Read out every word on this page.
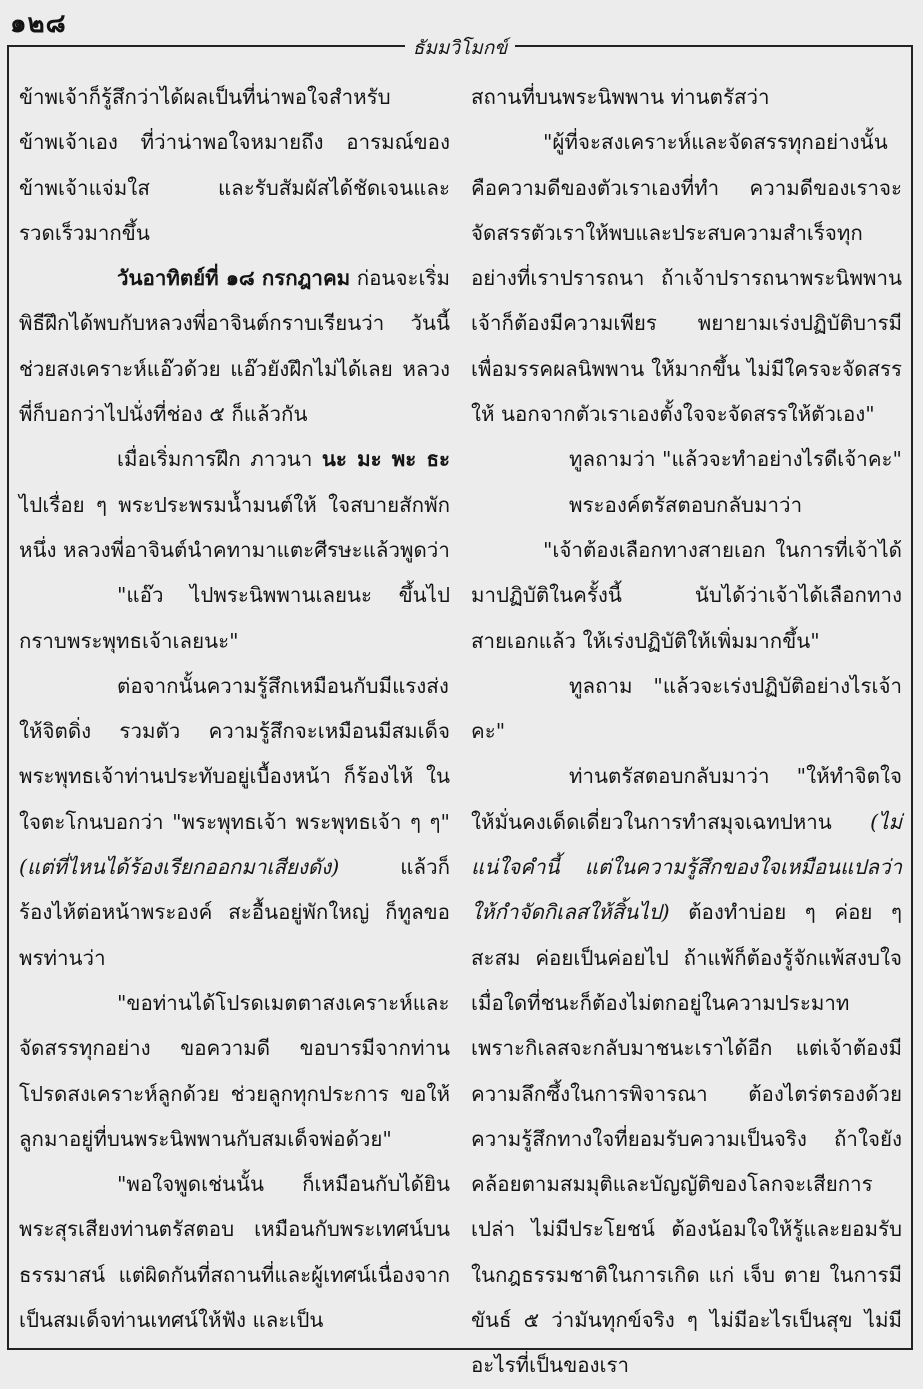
๑๒๘
ธัมมวิโมกข์

ข้าพเจ้าก็รู้สึกว่าได้ผลเป็นที่น่าพอใจสำหรับข้าพเจ้าเอง ที่ว่าน่าพอใจหมายถึง อารมณ์ของข้าพเจ้าแจ่มใส และรับสัมผัสได้ชัดเจนและรวดเร็วมากขึ้น

วันอาทิตย์ที่ ๑๘ กรกฎาคม ก่อนจะเริ่มพิธีฝึกได้พบกับหลวงพี่อาจินต์กราบเรียนว่า วันนี้ช่วยสงเคราะห์แอ๊วด้วย แอ๊วยังฝึกไม่ได้เลย หลวงพี่ก็บอกว่าไปนั่งที่ช่อง ๕ ก็แล้วกัน

เมื่อเริ่มการฝึก ภาวนา นะ มะ พะ ธะ ไปเรื่อย ๆ พระประพรมน้ำมนต์ให้ ใจสบายสักพักหนึ่ง หลวงพี่อาจินต์นำคทามาแตะศีรษะแล้วพูดว่า

"แอ๊ว ไปพระนิพพานเลยนะ ขึ้นไปกราบพระพุทธเจ้าเลยนะ"

ต่อจากนั้นความรู้สึกเหมือนกับมีแรงส่งให้จิตดิ่ง รวมตัว ความรู้สึกจะเหมือนมีสมเด็จพระพุทธเจ้าท่านประทับอยู่เบื้องหน้า ก็ร้องไห้ ในใจตะโกนบอกว่า "พระพุทธเจ้า พระพุทธเจ้า ๆ ๆ" (แต่ที่ไหนได้ร้องเรียกออกมาเสียงดัง) แล้วก็ร้องไห้ต่อหน้าพระองค์ สะอื้นอยู่พักใหญ่ ก็ทูลขอพรท่านว่า

"ขอท่านได้โปรดเมตตาสงเคราะห์และจัดสรรทุกอย่าง ขอความดี ขอบารมีจากท่านโปรดสงเคราะห์ลูกด้วย ช่วยลูกทุกประการ ขอให้ลูกมาอยู่ที่บนพระนิพพานกับสมเด็จพ่อด้วย"

"พอใจพูดเช่นนั้น ก็เหมือนกับได้ยินพระสุรเสียงท่านตรัสตอบ เหมือนกับพระเทศน์บนธรรมาสน์ แต่ผิดกันที่สถานที่และผู้เทศน์เนื่องจากเป็นสมเด็จท่านเทศน์ให้ฟัง และเป็น

สถานที่บนพระนิพพาน ท่านตรัสว่า

"ผู้ที่จะสงเคราะห์และจัดสรรทุกอย่างนั้น คือความดีของตัวเราเองที่ทำ ความดีของเราจะจัดสรรตัวเราให้พบและประสบความสำเร็จทุกอย่างที่เราปรารถนา ถ้าเจ้าปรารถนาพระนิพพาน เจ้าก็ต้องมีความเพียร พยายามเร่งปฏิบัติบารมี เพื่อมรรคผลนิพพาน ให้มากขึ้น ไม่มีใครจะจัดสรรให้ นอกจากตัวเราเองตั้งใจจะจัดสรรให้ตัวเอง"

ทูลถามว่า "แล้วจะทำอย่างไรดีเจ้าคะ"

พระองค์ตรัสตอบกลับมาว่า

"เจ้าต้องเลือกทางสายเอก ในการที่เจ้าได้มาปฏิบัติในครั้งนี้ นับได้ว่าเจ้าได้เลือกทางสายเอกแล้ว ให้เร่งปฏิบัติให้เพิ่มมากขึ้น"

ทูลถาม "แล้วจะเร่งปฏิบัติอย่างไรเจ้าคะ"

ท่านตรัสตอบกลับมาว่า "ให้ทำจิตใจให้มั่นคงเด็ดเดี่ยวในการทำสมุจเฉทปหาน (ไม่แน่ใจคำนี้ แต่ในความรู้สึกของใจเหมือนแปลว่าให้กำจัดกิเลสให้สิ้นไป) ต้องทำบ่อย ๆ ค่อย ๆ สะสม ค่อยเป็นค่อยไป ถ้าแพ้ก็ต้องรู้จักแพ้สงบใจ เมื่อใดที่ชนะก็ต้องไม่ตกอยู่ในความประมาท เพราะกิเลสจะกลับมาชนะเราได้อีก แต่เจ้าต้องมีความลึกซึ้งในการพิจารณา ต้องไตร่ตรองด้วยความรู้สึกทางใจที่ยอมรับความเป็นจริง ถ้าใจยังคล้อยตามสมมุติและบัญญัติของโลกจะเสียการเปล่า ไม่มีประโยชน์ ต้องน้อมใจให้รู้และยอมรับในกฎธรรมชาติในการเกิด แก่ เจ็บ ตาย ในการมีขันธ์ ๕ ว่ามันทุกข์จริง ๆ ไม่มีอะไรเป็นสุข ไม่มีอะไรที่เป็นของเรา
